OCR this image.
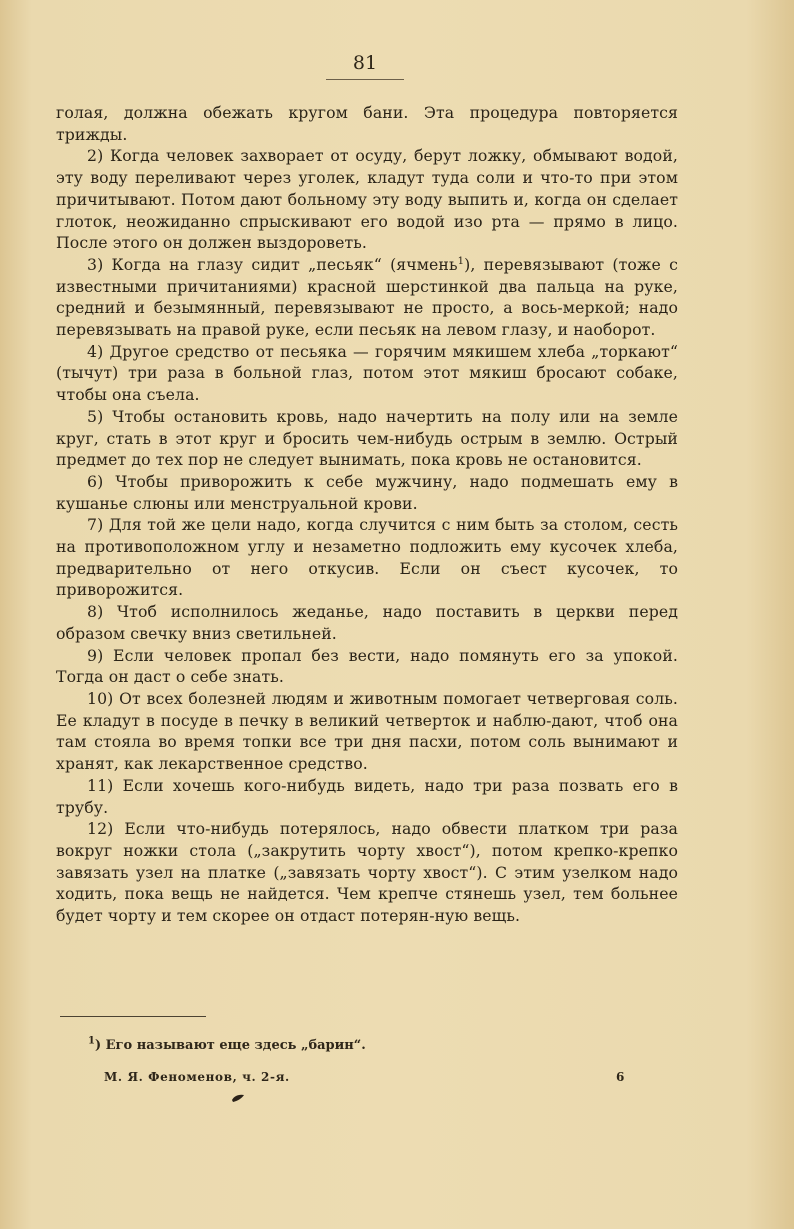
81

голая, должна обежать кругом бани. Эта процедура повторяется трижды.

2) Когда человек захворает от осуду, берут ложку, обмывают водой, эту воду переливают через уголек, кладут туда соли и что-то при этом причитывают. Потом дают больному эту воду выпить и, когда он сделает глоток, неожиданно спрыскивают его водой изо рта — прямо в лицо. После этого он должен выздороветь.

3) Когда на глазу сидит „песьяк“ (ячмень$^1$), перевязывают (тоже с известными причитаниями) красной шерстинкой два пальца на руке, средний и безымянный, перевязывают не просто, а вось-меркой; надо перевязывать на правой руке, если песьяк на левом глазу, и наоборот.

4) Другое средство от песьяка — горячим мякишем хлеба „торкают“ (тычут) три раза в больной глаз, потом этот мякиш бросают собаке, чтобы она съела.

5) Чтобы остановить кровь, надо начертить на полу или на земле круг, стать в этот круг и бросить чем-нибудь острым в землю. Острый предмет до тех пор не следует вынимать, пока кровь не остановится.

6) Чтобы приворожить к себе мужчину, надо подмешать ему в кушанье слюны или менструальной крови.

7) Для той же цели надо, когда случится с ним быть за столом, сесть на противоположном углу и незаметно подложить ему кусочек хлеба, предварительно от него откусив. Если он съест кусочек, то приворожится.

8) Чтоб исполнилось жеданье, надо поставить в церкви перед образом свечку вниз светильней.

9) Если человек пропал без вести, надо помянуть его за упокой. Тогда он даст о себе знать.

10) От всех болезней людям и животным помогает четверговая соль. Ее кладут в посуде в печку в великий четверток и наблю-дают, чтоб она там стояла во время топки все три дня пасхи, потом соль вынимают и хранят, как лекарственное средство.

11) Если хочешь кого-нибудь видеть, надо три раза позвать его в трубу.

12) Если что-нибудь потерялось, надо обвести платком три раза вокруг ножки стола („закрутить чорту хвост“), потом крепко-крепко завязать узел на платке („завязать чорту хвост“). С этим узелком надо ходить, пока вещь не найдется. Чем крепче стянешь узел, тем больнее будет чорту и тем скорее он отдаст потерян-ную вещь.

$^1$) Его называют еще здесь „барин“.
М. Я. Феноменов, ч. 2-я.	6
